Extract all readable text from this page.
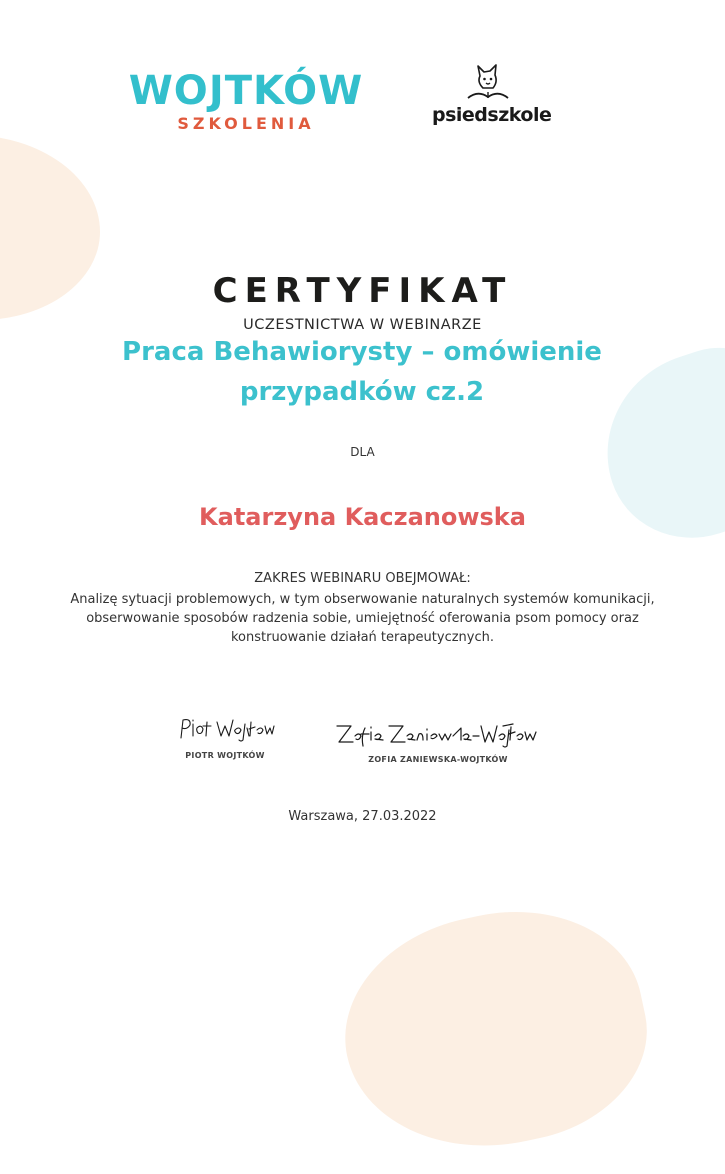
WOJTKÓW
SZKOLENIA	psiedszkole
CERTYFIKAT
UCZESTNICTWA W WEBINARZE
Praca Behawiorysty – omówienie przypadków cz.2
DLA
Katarzyna Kaczanowska
ZAKRES WEBINARU OBEJMOWAŁ:
Analizę sytuacji problemowych, w tym obserwowanie naturalnych systemów komunikacji, obserwowanie sposobów radzenia sobie, umiejętność oferowania psom pomocy oraz konstruowanie działań terapeutycznych.
PIOTR WOJTKÓW	ZOFIA ZANIEWSKA-WOJTKÓW
Warszawa, 27.03.2022
